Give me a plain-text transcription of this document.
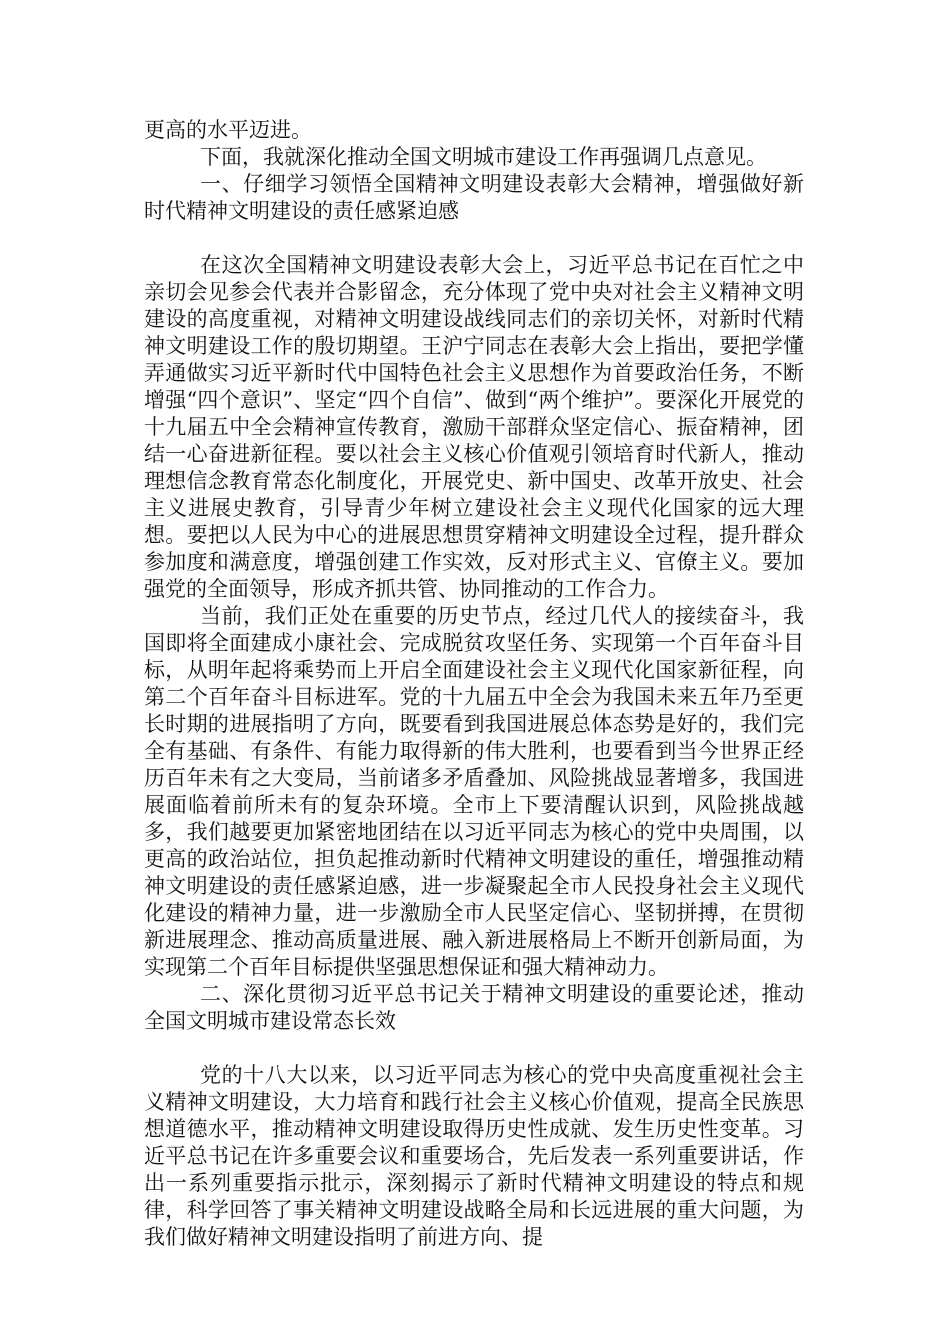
更高的水平迈进。

下面，我就深化推动全国文明城市建设工作再强调几点意见。

一、仔细学习领悟全国精神文明建设表彰大会精神，增强做好新时代精神文明建设的责任感紧迫感

在这次全国精神文明建设表彰大会上，习近平总书记在百忙之中亲切会见参会代表并合影留念，充分体现了党中央对社会主义精神文明建设的高度重视，对精神文明建设战线同志们的亲切关怀，对新时代精神文明建设工作的殷切期望。王沪宁同志在表彰大会上指出，要把学懂弄通做实习近平新时代中国特色社会主义思想作为首要政治任务，不断增强“四个意识”、坚定“四个自信”、做到“两个维护”。要深化开展党的十九届五中全会精神宣传教育，激励干部群众坚定信心、振奋精神，团结一心奋进新征程。要以社会主义核心价值观引领培育时代新人，推动理想信念教育常态化制度化，开展党史、新中国史、改革开放史、社会主义进展史教育，引导青少年树立建设社会主义现代化国家的远大理想。要把以人民为中心的进展思想贯穿精神文明建设全过程，提升群众参加度和满意度，增强创建工作实效，反对形式主义、官僚主义。要加强党的全面领导，形成齐抓共管、协同推动的工作合力。

当前，我们正处在重要的历史节点，经过几代人的接续奋斗，我国即将全面建成小康社会、完成脱贫攻坚任务、实现第一个百年奋斗目标，从明年起将乘势而上开启全面建设社会主义现代化国家新征程，向第二个百年奋斗目标进军。党的十九届五中全会为我国未来五年乃至更长时期的进展指明了方向，既要看到我国进展总体态势是好的，我们完全有基础、有条件、有能力取得新的伟大胜利，也要看到当今世界正经历百年未有之大变局，当前诸多矛盾叠加、风险挑战显著增多，我国进展面临着前所未有的复杂环境。全市上下要清醒认识到，风险挑战越多，我们越要更加紧密地团结在以习近平同志为核心的党中央周围，以更高的政治站位，担负起推动新时代精神文明建设的重任，增强推动精神文明建设的责任感紧迫感，进一步凝聚起全市人民投身社会主义现代化建设的精神力量，进一步激励全市人民坚定信心、坚韧拼搏，在贯彻新进展理念、推动高质量进展、融入新进展格局上不断开创新局面，为实现第二个百年目标提供坚强思想保证和强大精神动力。

二、深化贯彻习近平总书记关于精神文明建设的重要论述，推动全国文明城市建设常态长效

党的十八大以来，以习近平同志为核心的党中央高度重视社会主义精神文明建设，大力培育和践行社会主义核心价值观，提高全民族思想道德水平，推动精神文明建设取得历史性成就、发生历史性变革。习近平总书记在许多重要会议和重要场合，先后发表一系列重要讲话，作出一系列重要指示批示，深刻揭示了新时代精神文明建设的特点和规律，科学回答了事关精神文明建设战略全局和长远进展的重大问题，为我们做好精神文明建设指明了前进方向、提
